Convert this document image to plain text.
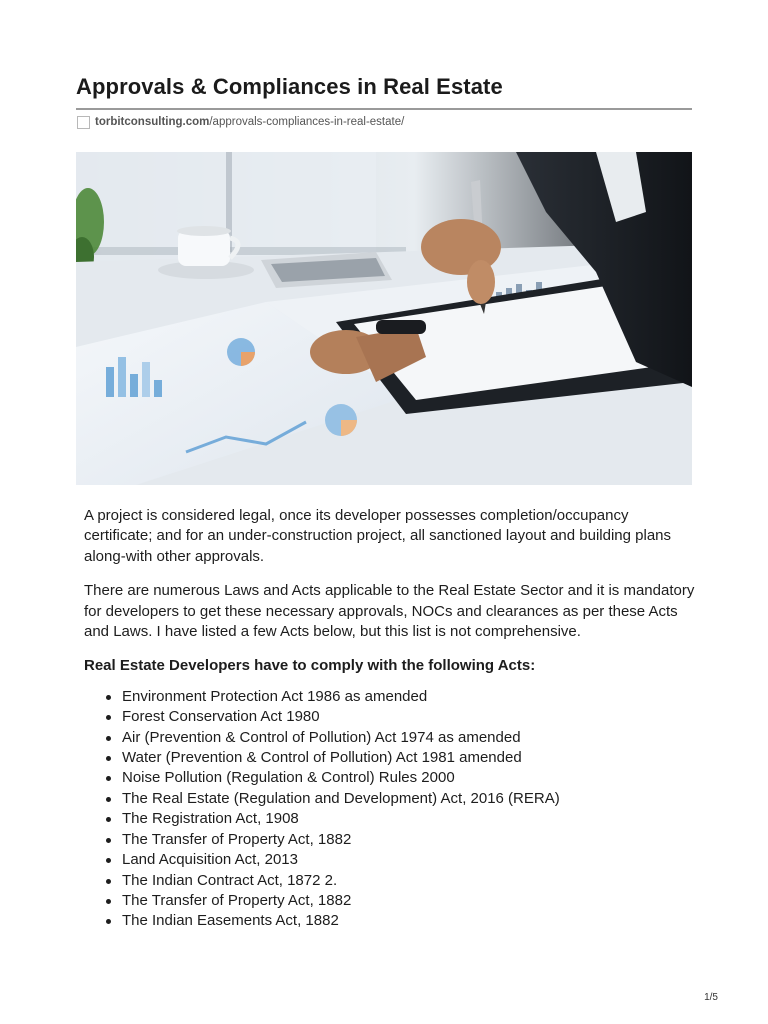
Approvals & Compliances in Real Estate
torbitconsulting.com /approvals-compliances-in-real-estate/

A project is considered legal, once its developer possesses completion/occupancy certificate; and for an under-construction project, all sanctioned layout and building plans along-with other approvals.

There are numerous Laws and Acts applicable to the Real Estate Sector and it is mandatory for developers to get these necessary approvals, NOCs and clearances as per these Acts and Laws. I have listed a few Acts below, but this list is not comprehensive.

Real Estate Developers have to comply with the following Acts:

Environment Protection Act 1986 as amended
Forest Conservation Act 1980
Air (Prevention & Control of Pollution) Act 1974 as amended
Water (Prevention & Control of Pollution) Act 1981 amended
Noise Pollution (Regulation & Control) Rules 2000
The Real Estate (Regulation and Development) Act, 2016 (RERA)
The Registration Act, 1908
The Transfer of Property Act, 1882
Land Acquisition Act, 2013
The Indian Contract Act, 1872 2.
The Transfer of Property Act, 1882
The Indian Easements Act, 1882
1/5
